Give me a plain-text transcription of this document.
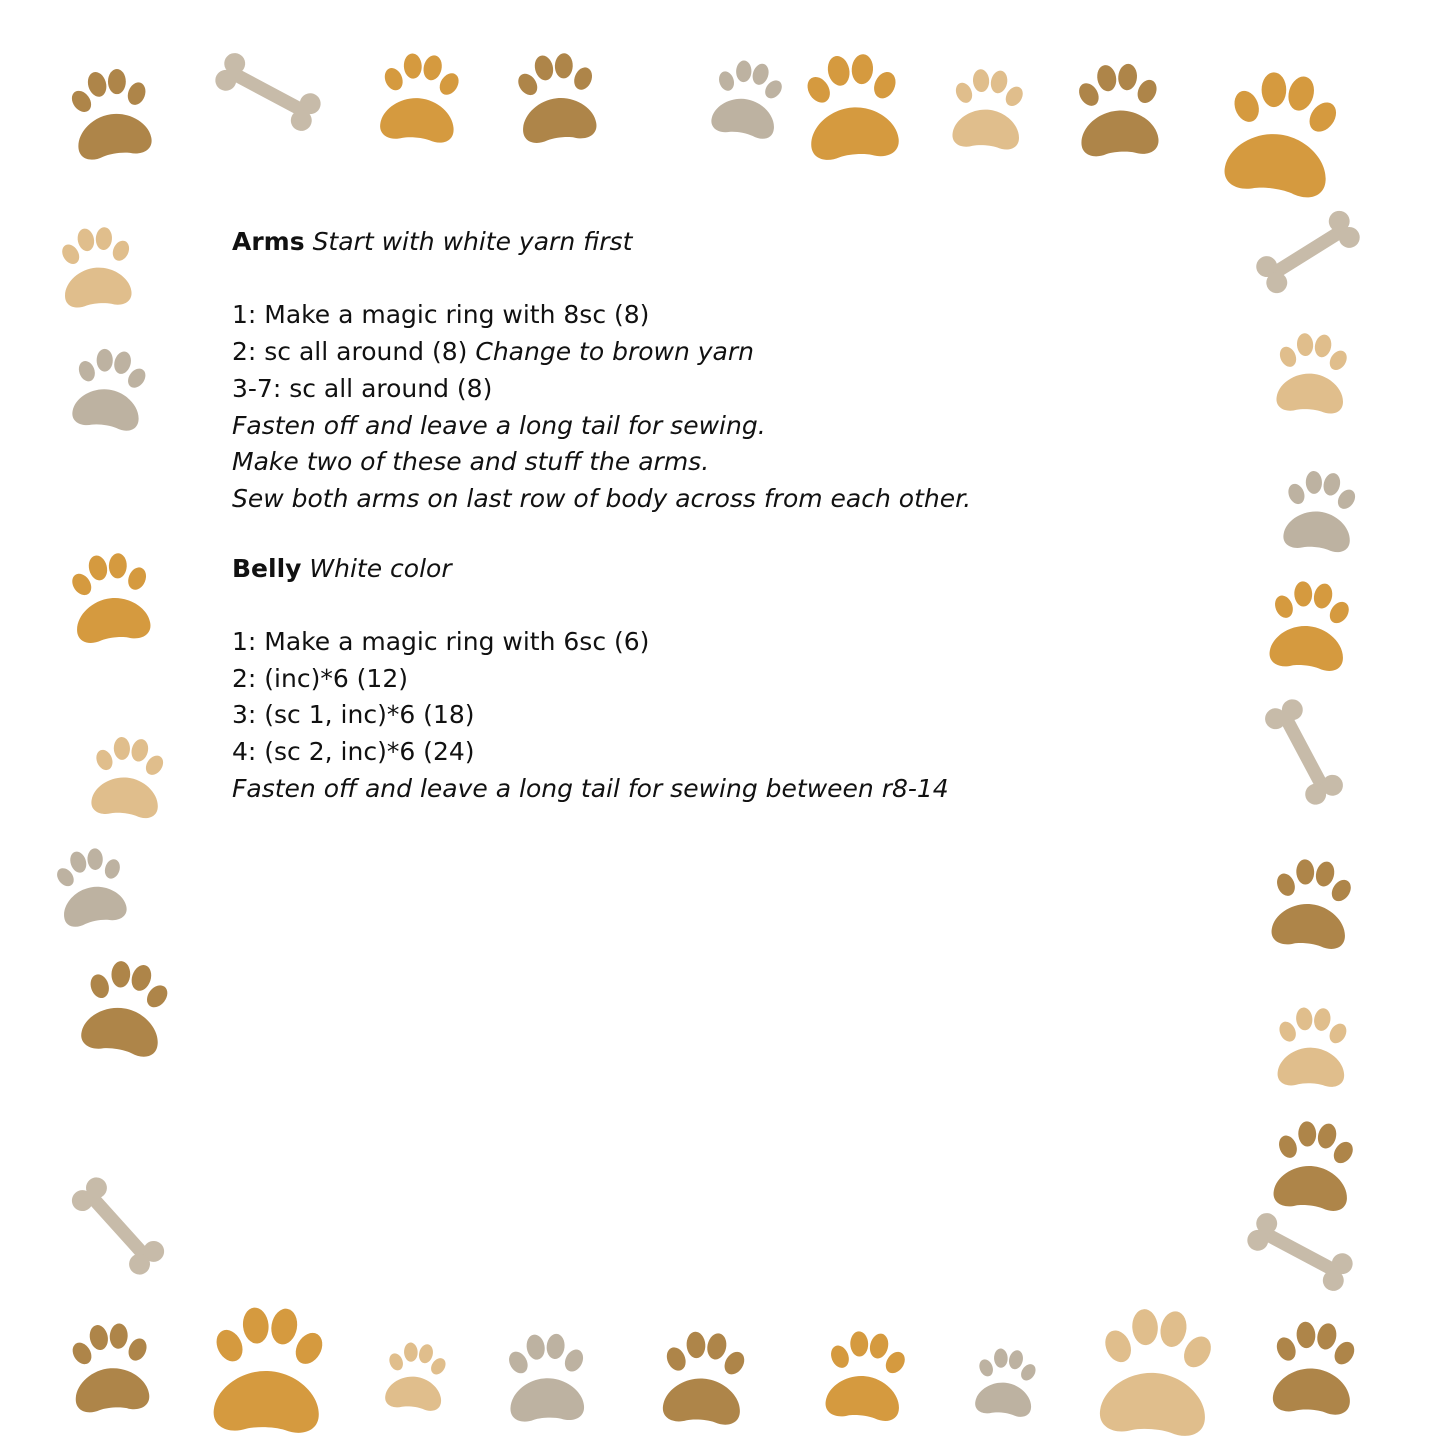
Arms Start with white yarn first
1: Make a magic ring with 8sc (8)
2: sc all around (8) Change to brown yarn
3-7: sc all around (8)
Fasten off and leave a long tail for sewing.
Make two of these and stuff the arms.
Sew both arms on last row of body across from each other.
Belly White color
1: Make a magic ring with 6sc (6)
2: (inc)*6 (12)
3: (sc 1, inc)*6 (18)
4: (sc 2, inc)*6 (24)
Fasten off and leave a long tail for sewing between r8-14
